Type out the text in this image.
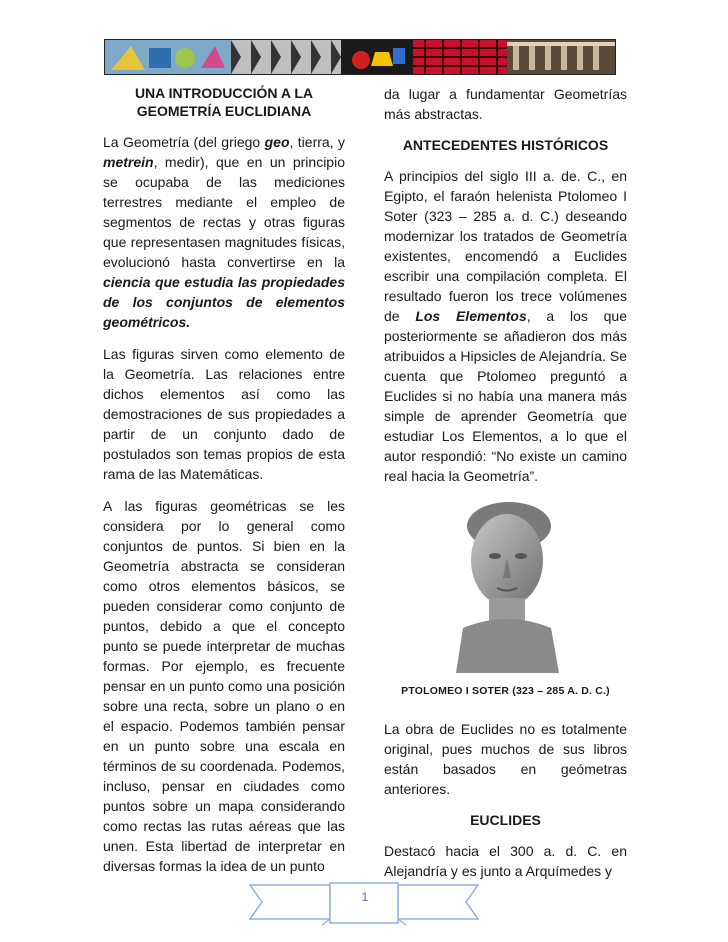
UNA INTRODUCCIÓN A LA GEOMETRÍA EUCLIDIANA

La Geometría (del griego geo, tierra, y metrein, medir), que en un principio se ocupaba de las mediciones terrestres mediante el empleo de segmentos de rectas y otras figuras que representasen magnitudes físicas, evolucionó hasta convertirse en la ciencia que estudia las propiedades de los conjuntos de elementos geométricos.

Las figuras sirven como elemento de la Geometría. Las relaciones entre dichos elementos así como las demostraciones de sus propiedades a partir de un conjunto dado de postulados son temas propios de esta rama de las Matemáticas.

A las figuras geométricas se les considera por lo general como conjuntos de puntos. Si bien en la Geometría abstracta se consideran como otros elementos básicos, se pueden considerar como conjunto de puntos, debido a que el concepto punto se puede interpretar de muchas formas. Por ejemplo, es frecuente pensar en un punto como una posición sobre una recta, sobre un plano o en el espacio. Podemos también pensar en un punto sobre una escala en términos de su coordenada. Podemos, incluso, pensar en ciudades como puntos sobre un mapa considerando como rectas las rutas aéreas que las unen. Esta libertad de interpretar en diversas formas la idea de un punto

da lugar a fundamentar Geometrías más abstractas.

ANTECEDENTES HISTÓRICOS

A principios del siglo III a. de. C., en Egipto, el faraón helenista Ptolomeo I Soter (323 – 285 a. d. C.) deseando modernizar los tratados de Geometría existentes, encomendó a Euclides escribir una compilación completa. El resultado fueron los trece volúmenes de Los Elementos, a los que posteriormente se añadieron dos más atribuidos a Hipsicles de Alejandría. Se cuenta que Ptolomeo preguntó a Euclides si no había una manera más simple de aprender Geometría que estudiar Los Elementos, a lo que el autor respondió: “No existe un camino real hacia la Geometría”.

PTOLOMEO I SOTER (323 – 285 A. D. C.)

La obra de Euclides no es totalmente original, pues muchos de sus libros están basados en geómetras anteriores.

EUCLIDES

Destacó hacia el 300 a. d. C. en Alejandría y es junto a Arquímedes y

1
